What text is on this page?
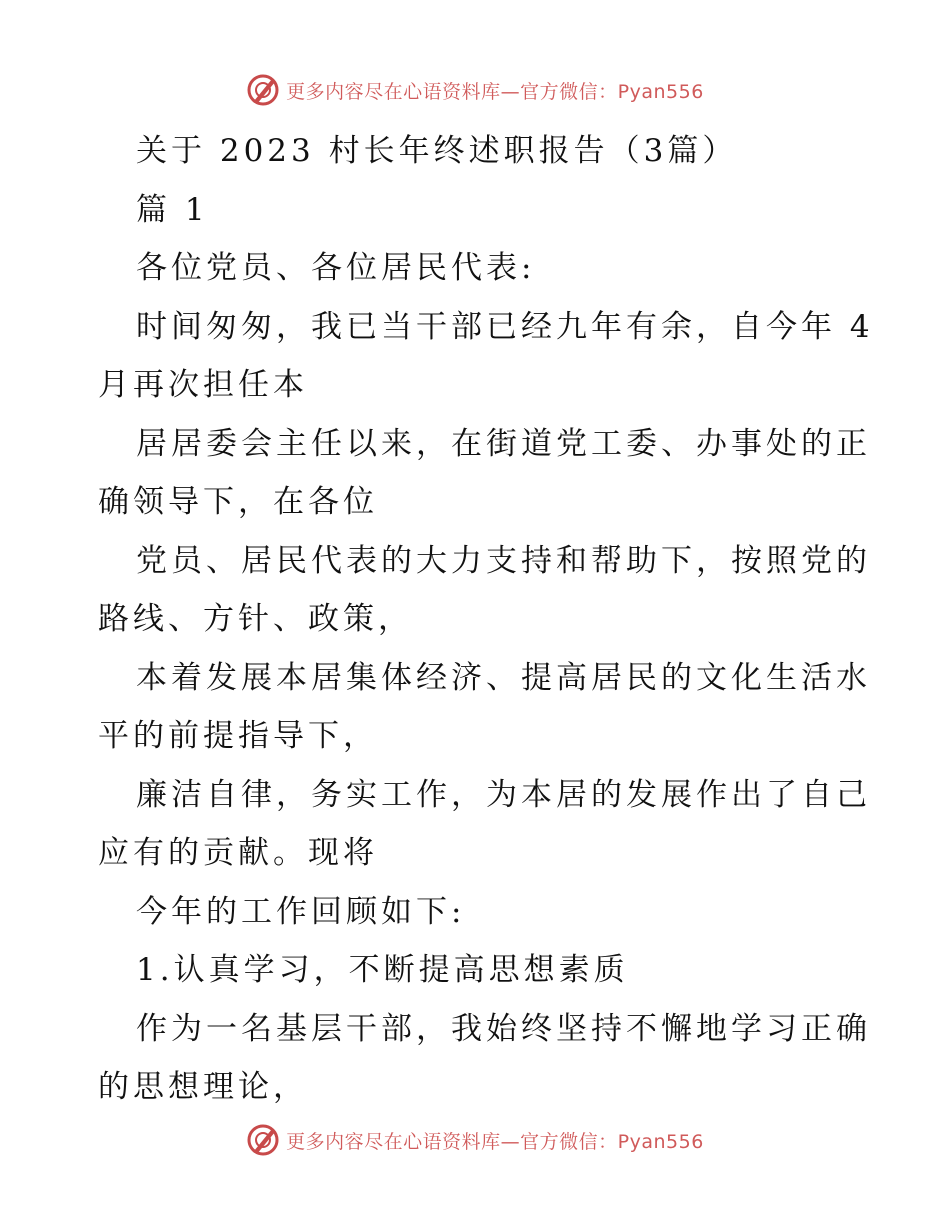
更多内容尽在心语资料库—官方微信：Pyan556
关于 2023 村长年终述职报告（3篇）
篇 1
各位党员、各位居民代表:
时间匆匆，我已当干部已经九年有余，自今年 4
月再次担任本
居居委会主任以来，在街道党工委、办事处的正
确领导下，在各位
党员、居民代表的大力支持和帮助下，按照党的
路线、方针、政策，
本着发展本居集体经济、提高居民的文化生活水
平的前提指导下，
廉洁自律，务实工作，为本居的发展作出了自己
应有的贡献。现将
今年的工作回顾如下:
1.认真学习，不断提高思想素质
作为一名基层干部，我始终坚持不懈地学习正确
的思想理论，
更多内容尽在心语资料库—官方微信：Pyan556
